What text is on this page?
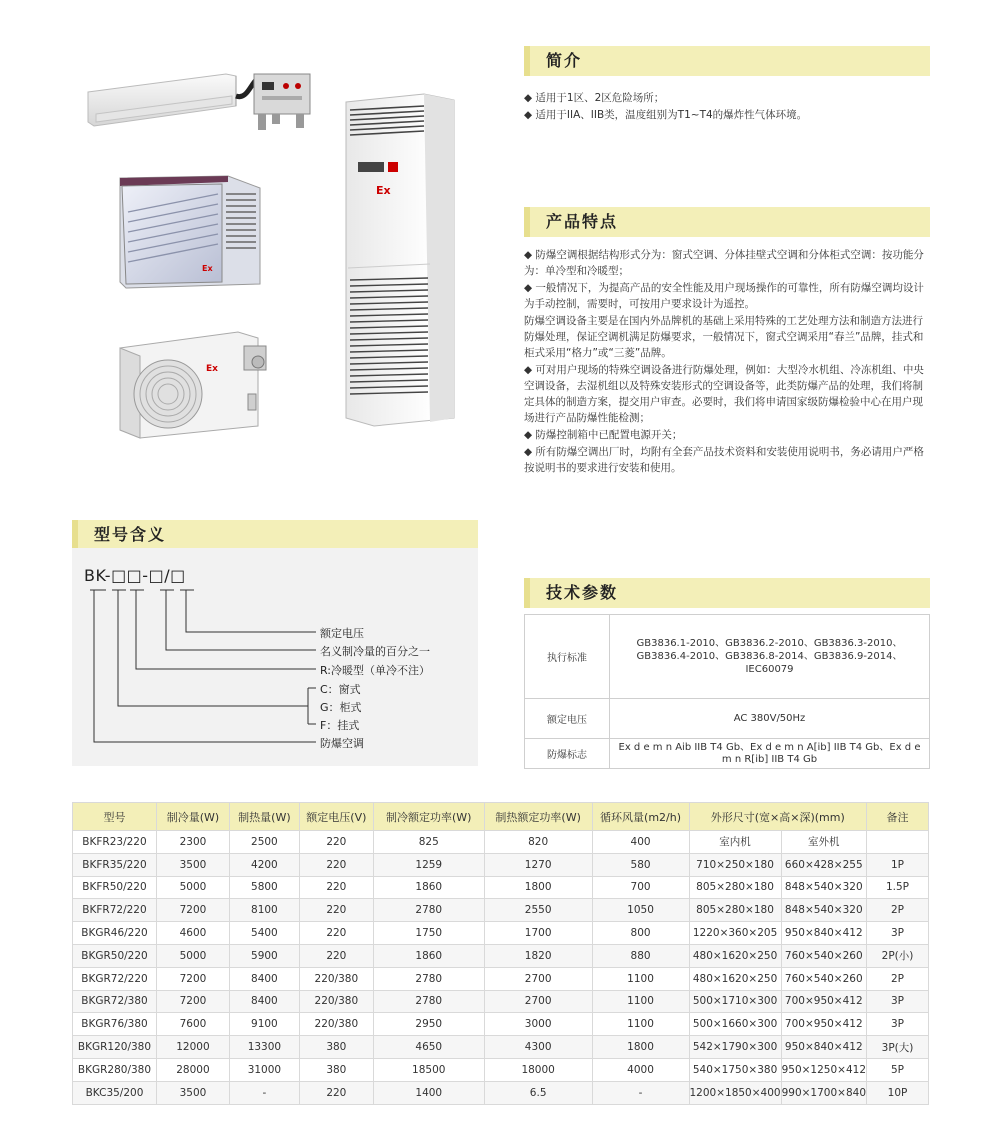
Ex
Ex
Ex
简介

◆ 适用于1区、2区危险场所；

◆ 适用于IIA、IIB类，温度组别为T1~T4的爆炸性气体环境。

产品特点

◆ 防爆空调根据结构形式分为：窗式空调、分体挂壁式空调和分体柜式空调：按功能分为：单冷型和冷暖型；

◆ 一般情况下，为提高产品的安全性能及用户现场操作的可靠性，所有防爆空调均设计为手动控制，需要时，可按用户要求设计为遥控。

防爆空调设备主要是在国内外品牌机的基础上采用特殊的工艺处理方法和制造方法进行防爆处理，保证空调机满足防爆要求，一般情况下，窗式空调采用“春兰”品牌，挂式和柜式采用“格力”或“三菱”品牌。

◆ 可对用户现场的特殊空调设备进行防爆处理，例如：大型冷水机组、冷冻机组、中央空调设备，去湿机组以及特殊安装形式的空调设备等，此类防爆产品的处理，我们将制定具体的制造方案，提交用户审查。必要时，我们将申请国家级防爆检验中心在用户现场进行产品防爆性能检测；

◆ 防爆控制箱中已配置电源开关；

◆ 所有防爆空调出厂时，均附有全套产品技术资料和安装使用说明书，务必请用户严格按说明书的要求进行安装和使用。

型号含义
BK-□□-□/□
额定电压
名义制冷量的百分之一
R:冷暖型（单冷不注）
C：窗式
G：柜式
F：挂式
防爆空调
技术参数
执行标准	GB3836.1-2010、GB3836.2-2010、GB3836.3-2010、GB3836.4-2010、GB3836.8-2014、GB3836.9-2014、IEC60079
额定电压	AC 380V/50Hz
防爆标志	Ex d e m n Aib IIB T4 Gb、Ex d e m n A[ib] IIB T4 Gb、Ex d e m n R[ib] IIB T4 Gb
型号	制冷量(W)	制热量(W)	额定电压(V)	制冷额定功率(W)	制热额定功率(W)	循环风量(m2/h)	外形尺寸(宽×高×深)(mm)		备注
BKFR23/220	2300	2500	220	825	820	400	室内机	室外机	
BKFR35/220	3500	4200	220	1259	1270	580	710×250×180	660×428×255	1P
BKFR50/220	5000	5800	220	1860	1800	700	805×280×180	848×540×320	1.5P
BKFR72/220	7200	8100	220	2780	2550	1050	805×280×180	848×540×320	2P
BKGR46/220	4600	5400	220	1750	1700	800	1220×360×205	950×840×412	3P
BKGR50/220	5000	5900	220	1860	1820	880	480×1620×250	760×540×260	2P(小)
BKGR72/220	7200	8400	220/380	2780	2700	1100	480×1620×250	760×540×260	2P
BKGR72/380	7200	8400	220/380	2780	2700	1100	500×1710×300	700×950×412	3P
BKGR76/380	7600	9100	220/380	2950	3000	1100	500×1660×300	700×950×412	3P
BKGR120/380	12000	13300	380	4650	4300	1800	542×1790×300	950×840×412	3P(大)
BKGR280/380	28000	31000	380	18500	18000	4000	540×1750×380	950×1250×412	5P
BKC35/200	3500	-	220	1400	6.5	-	1200×1850×400	990×1700×840	10P
